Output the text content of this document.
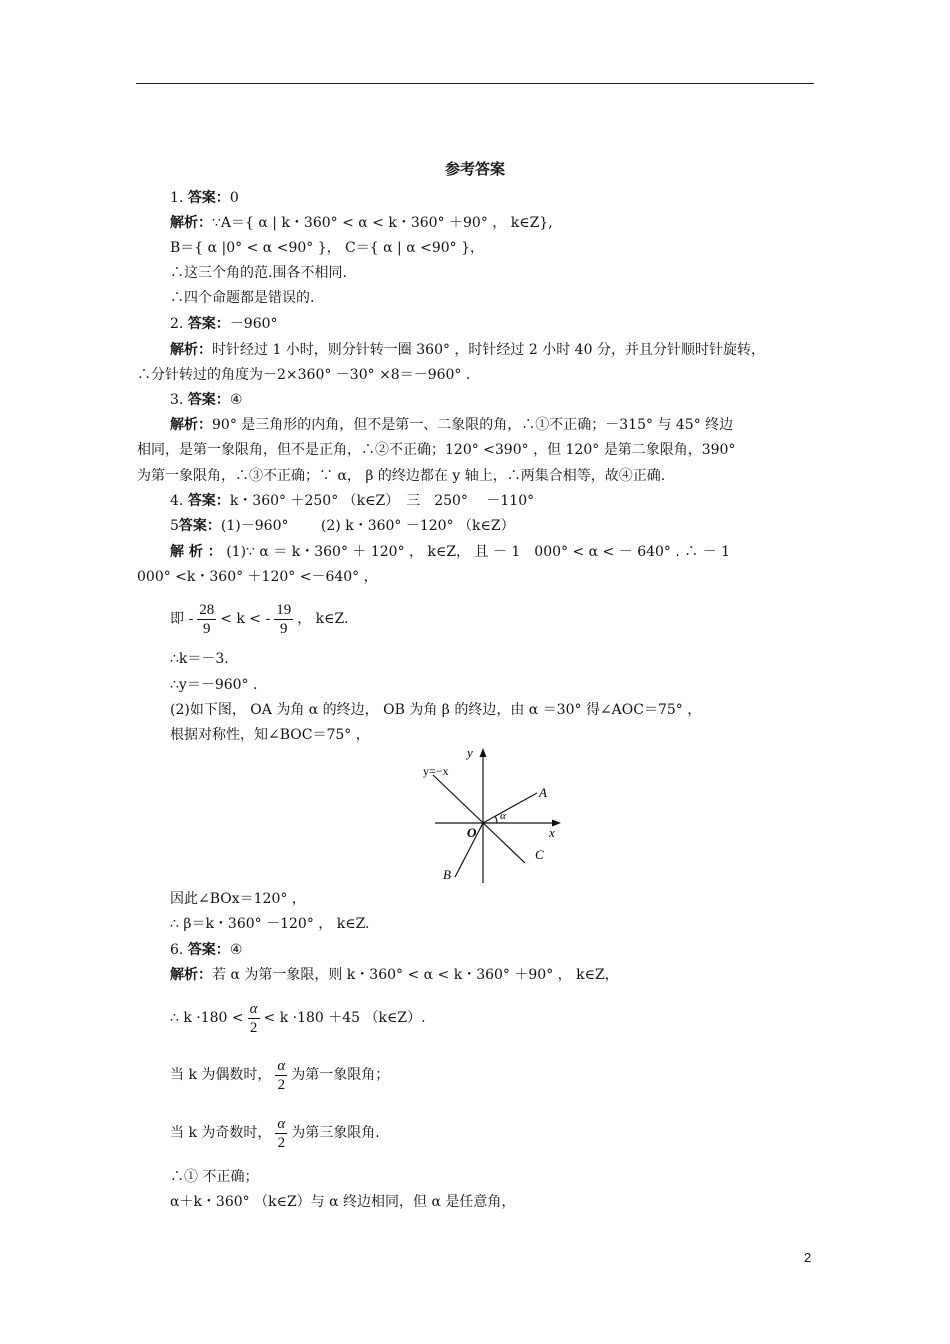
参考答案
1. 答案：0
解析：∵A＝{ α | k・360° < α < k・360° ＋90° ， k∈Z},
B＝{ α |0° < α <90° }， C＝{ α | α <90° }，
∴这三个角的范.围各不相同.
∴四个命题都是错误的.
2. 答案：－960°
解析：时针经过 1 小时，则分针转一圈 360° ，时针经过 2 小时 40 分，并且分针顺时针旋转，
∴分针转过的角度为－2×360° －30° ×8＝－960° .
3. 答案：④
解析：90° 是三角形的内角，但不是第一、二象限的角，∴①不正确；－315° 与 45° 终边
相同，是第一象限角，但不是正角，∴②不正确；120° <390° ，但 120° 是第二象限角，390°
为第一象限角，∴③不正确；∵ α， β 的终边都在 y 轴上，∴两集合相等，故④正确.
4. 答案：k・360° ＋250° （k∈Z）　三　250°　 －110°
5答案：(1)－960°　　 (2) k・360° －120° （k∈Z）
解 析 ： (1)∵ α ＝ k・360° ＋ 120° ， k∈Z， 且 － 1　000° < α < － 640° . ∴ － 1
000° <k・360° ＋120° <－640° ，
即 - $\frac{28}{9} < k$ < - $\frac{19}{9}$ ， k∈Z.
∴k＝－3.
∴y＝－960° .
(2)如下图， OA 为角 α 的终边， OB 为角 β 的终边，由 α ＝30° 得∠AOC＝75° ，
根据对称性，知∠BOC＝75° ，
y=−x
y
x
O
A
B
C
α
因此∠BOx＝120° ，
∴ β＝k・360° －120° ， k∈Z.
6. 答案：④
解析：若 α 为第一象限，则 k・360° < α < k・360° ＋90° ， k∈Z，
∴ $k \cdot 180 < \frac{\alpha}{2} < k \cdot 180 +45$ （k∈Z）.
当 k 为偶数时， $\frac{\alpha}{2}$ 为第一象限角；
当 k 为奇数时， $\frac{\alpha}{2}$ 为第三象限角.
∴① 不正确；
α＋k・360° （k∈Z）与 α 终边相同，但 α 是任意角，
2
